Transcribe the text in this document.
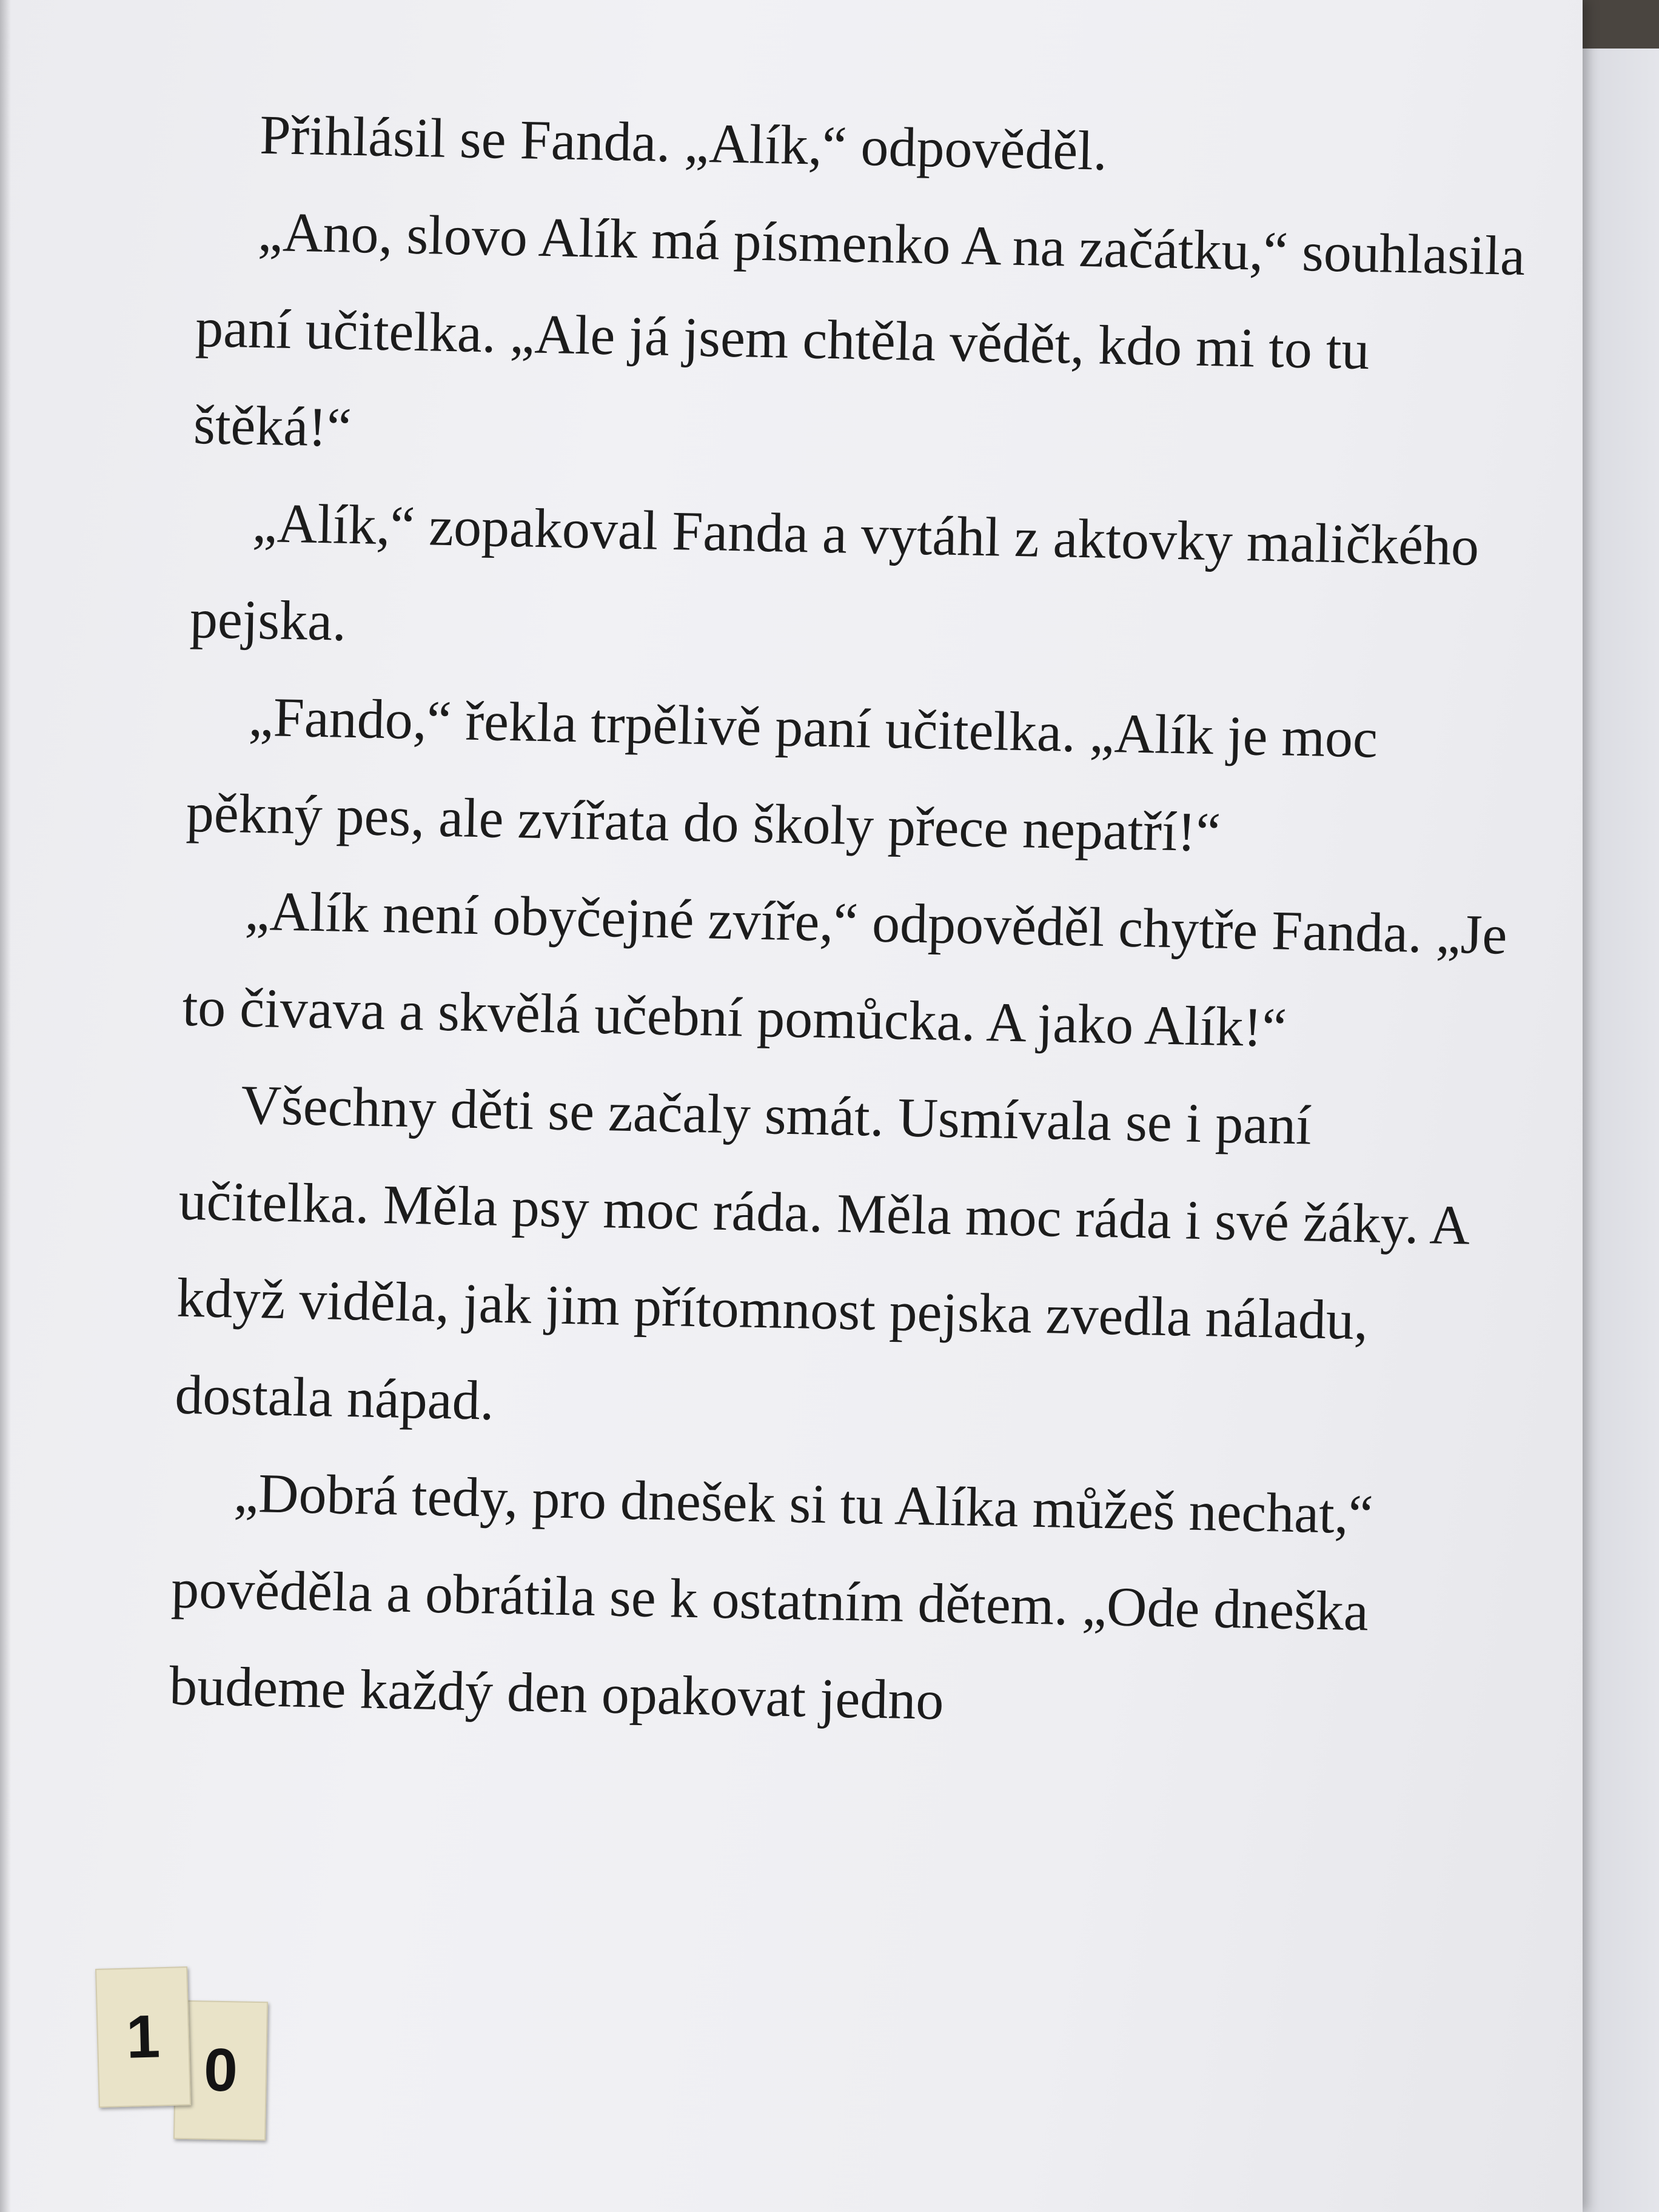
Přihlásil se Fanda. „Alík,“ odpověděl.

„Ano, slovo Alík má písmenko A na začátku,“ souhlasila paní učitelka. „Ale já jsem chtěla vědět, kdo mi to tu štěká!“

„Alík,“ zopakoval Fanda a vytáhl z aktovky maličkého pejska.

„Fando,“ řekla trpělivě paní učitelka. „Alík je moc pěkný pes, ale zvířata do školy přece nepatří!“

„Alík není obyčejné zvíře,“ odpověděl chytře Fanda. „Je to čivava a skvělá učební pomůcka. A jako Alík!“

Všechny děti se začaly smát. Usmívala se i paní učitelka. Měla psy moc ráda. Měla moc ráda i své žáky. A když viděla, jak jim přítomnost pejska zvedla náladu, dostala nápad.

„Dobrá tedy, pro dnešek si tu Alíka můžeš nechat,“ pověděla a obrátila se k ostatním dětem. „Ode dneška budeme každý den opakovat jedno

1 0
